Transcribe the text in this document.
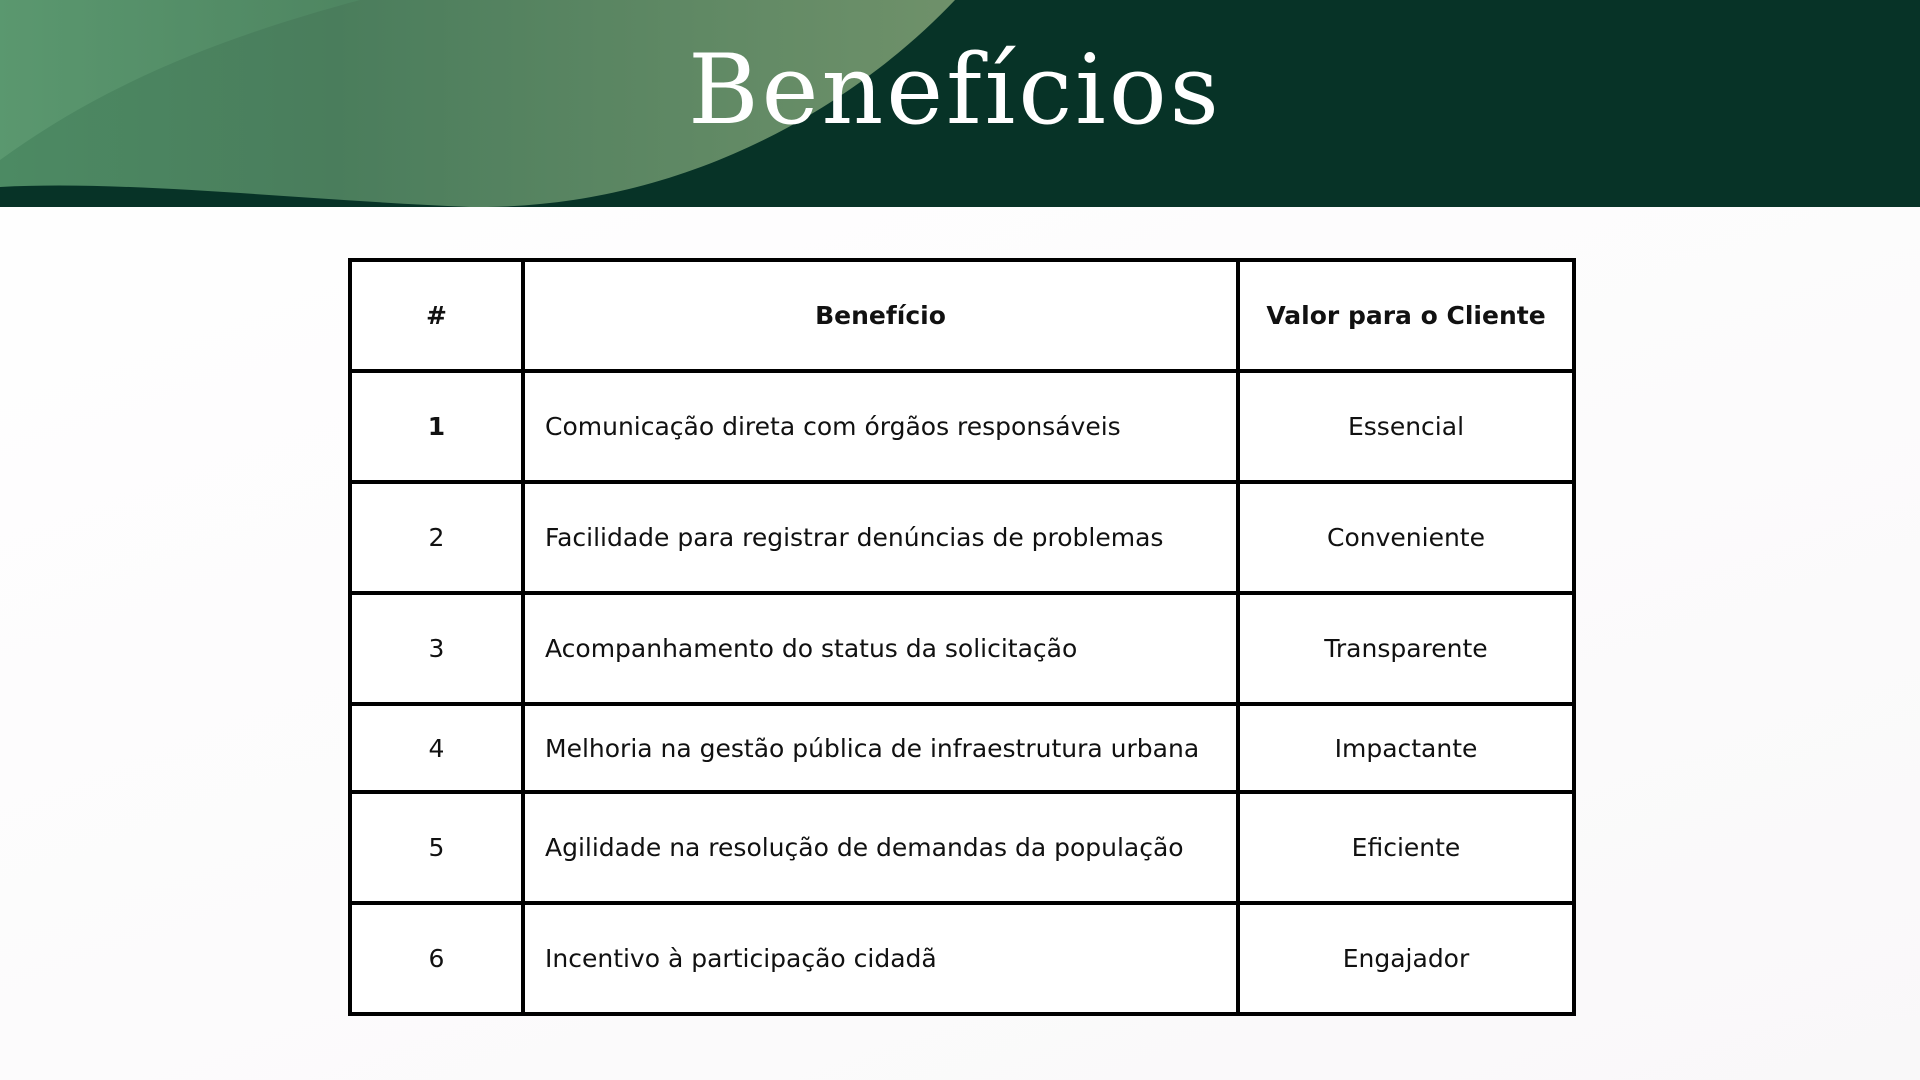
Benefícios
#	Benefício	Valor para o Cliente
1	Comunicação direta com órgãos responsáveis	Essencial
2	Facilidade para registrar denúncias de problemas	Conveniente
3	Acompanhamento do status da solicitação	Transparente
4	Melhoria na gestão pública de infraestrutura urbana	Impactante
5	Agilidade na resolução de demandas da população	Eficiente
6	Incentivo à participação cidadã	Engajador
